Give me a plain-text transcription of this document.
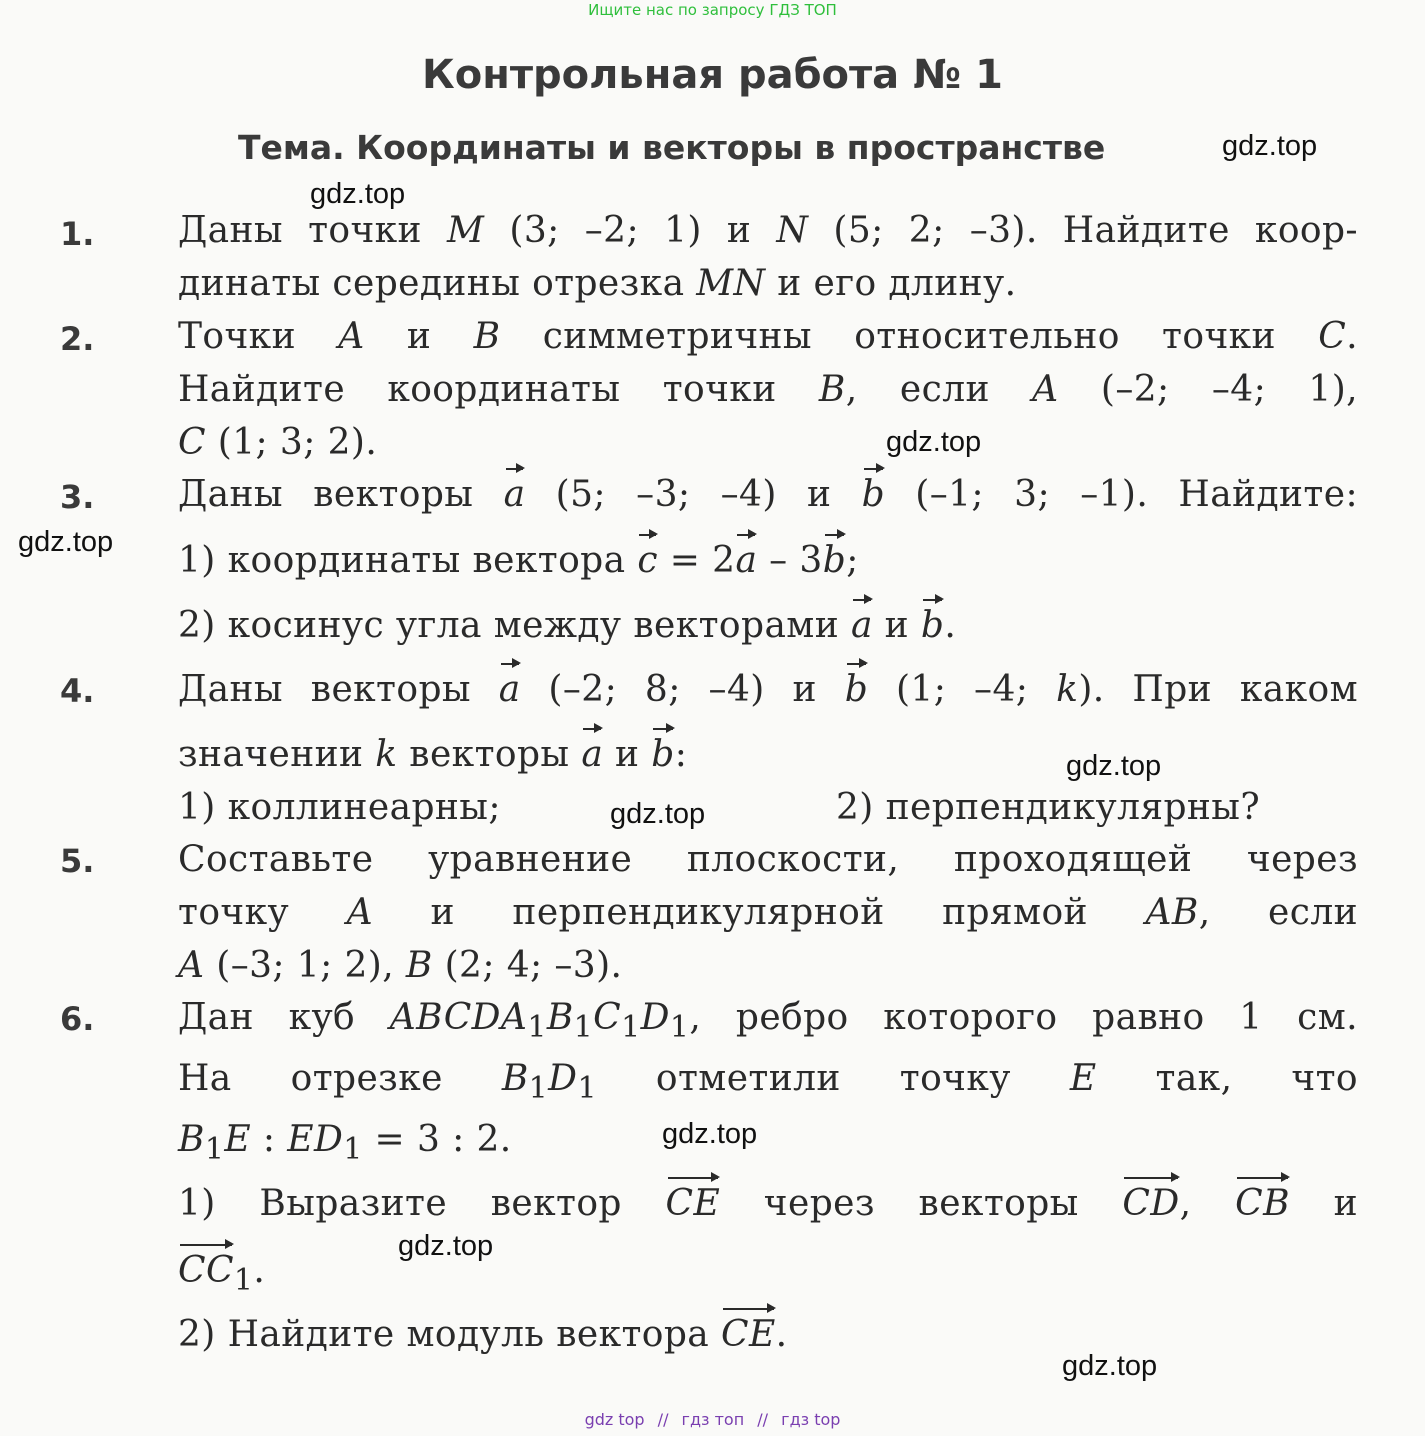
Ищите нас по запросу ГДЗ ТОП
Контрольная работа № 1
Тема. Координаты и векторы в пространстве	gdz.top
gdz.top
gdz.top
gdz.top
gdz.top
gdz.top
gdz.top
gdz.top
gdz.top
1.
2.
3.
4.
5.
6.
Даны точки M (3; –2; 1) и N (5; 2; –3). Найдите коор-
динаты середины отрезка MN и его длину.
Точки A и B симметричны относительно точки C.
Найдите координаты точки B, если A (–2; –4; 1),
C (1; 3; 2).
Даны векторы a (5; –3; –4) и b (–1; 3; –1). Найдите:
1) координаты вектора c = 2a – 3b;
2) косинус угла между векторами a и b.
Даны векторы a (–2; 8; –4) и b (1; –4; k). При каком
значении k векторы a и b:
1) коллинеарны;	2) перпендикулярны?
Составьте уравнение плоскости, проходящей через
точку A и перпендикулярной прямой AB, если
A (–3; 1; 2), B (2; 4; –3).
Дан куб $ABCDA_1B_1C_1D_1$, ребро которого равно 1 см.
На отрезке $B_1D_1$ отметили точку E так, что
$B_1E$ : $ED_1 = 3$ : 2.
1) Выразите вектор CE через векторы CD, CB и
$CC_1$.
2) Найдите модуль вектора CE.
gdz top // гдз топ // гдз top
